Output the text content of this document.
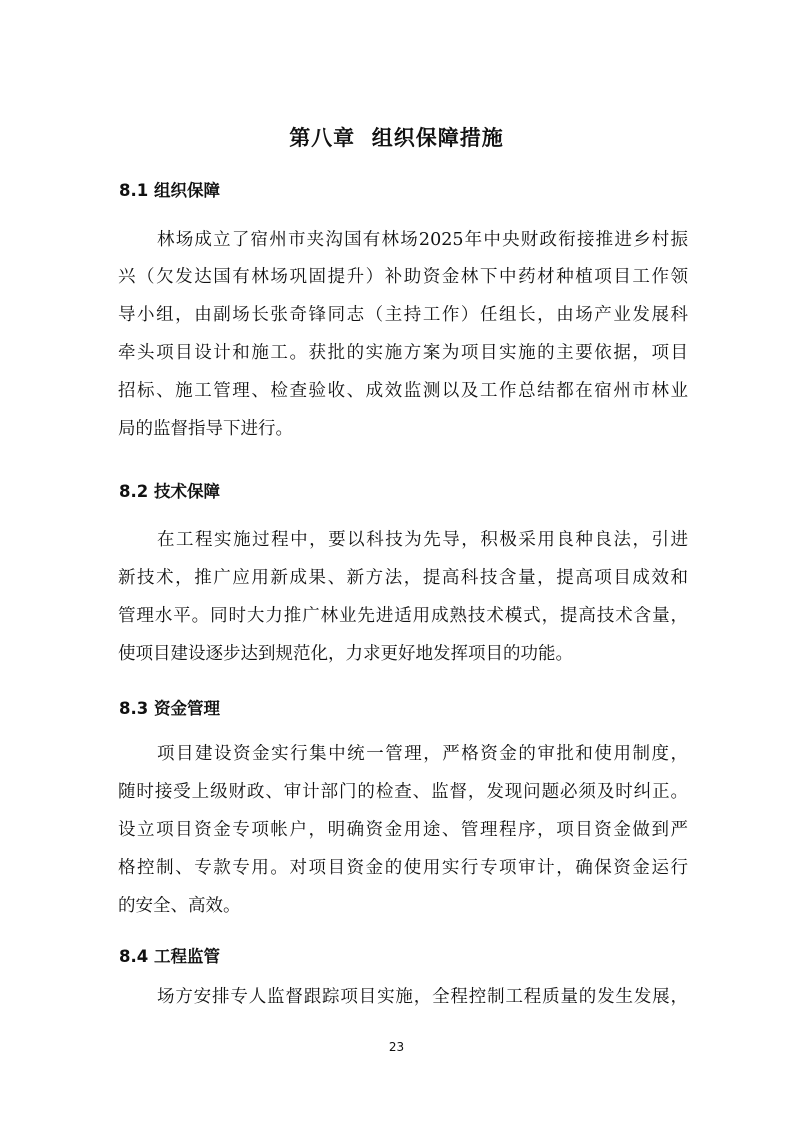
第八章  组织保障措施
8.1 组织保障

林场成立了宿州市夹沟国有林场2025年中央财政衔接推进乡村振

兴（欠发达国有林场巩固提升）补助资金林下中药材种植项目工作领

导小组，由副场长张奇锋同志（主持工作）任组长，由场产业发展科

牵头项目设计和施工。获批的实施方案为项目实施的主要依据，项目

招标、施工管理、检查验收、成效监测以及工作总结都在宿州市林业

局的监督指导下进行。

8.2 技术保障

在工程实施过程中，要以科技为先导，积极采用良种良法，引进

新技术，推广应用新成果、新方法，提高科技含量，提高项目成效和

管理水平。同时大力推广林业先进适用成熟技术模式，提高技术含量，

使项目建设逐步达到规范化，力求更好地发挥项目的功能。

8.3 资金管理

项目建设资金实行集中统一管理，严格资金的审批和使用制度，

随时接受上级财政、审计部门的检查、监督，发现问题必须及时纠正。

设立项目资金专项帐户，明确资金用途、管理程序，项目资金做到严

格控制、专款专用。对项目资金的使用实行专项审计，确保资金运行

的安全、高效。

8.4 工程监管

场方安排专人监督跟踪项目实施，全程控制工程质量的发生发展，

23
